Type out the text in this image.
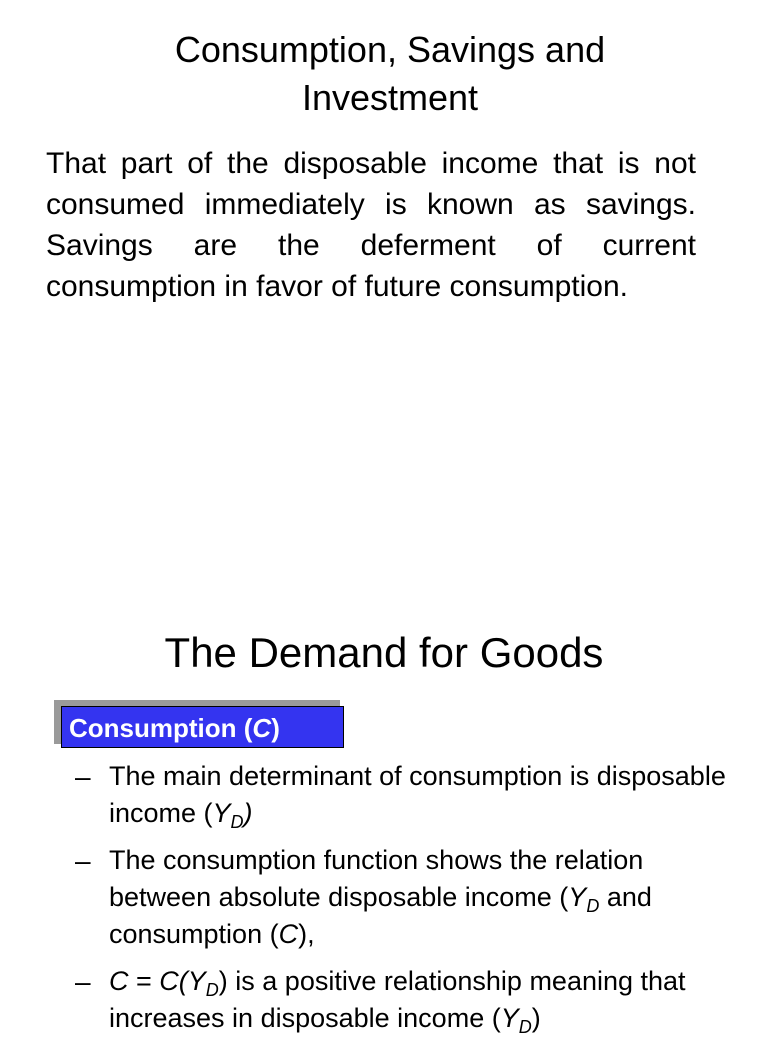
Consumption, Savings and
Investment
That part of the disposable income that is not consumed immediately is known as savings. Savings are the deferment of current consumption in favor of future consumption.
The Demand for Goods
Consumption (C)
– The main determinant of consumption is disposable income $(Y_D)$
– The consumption function shows the relation between absolute disposable income ($Y_D$ and consumption (C),
– $C = C(Y_D)$ is a positive relationship meaning that increases in disposable income $(Y_D)$
